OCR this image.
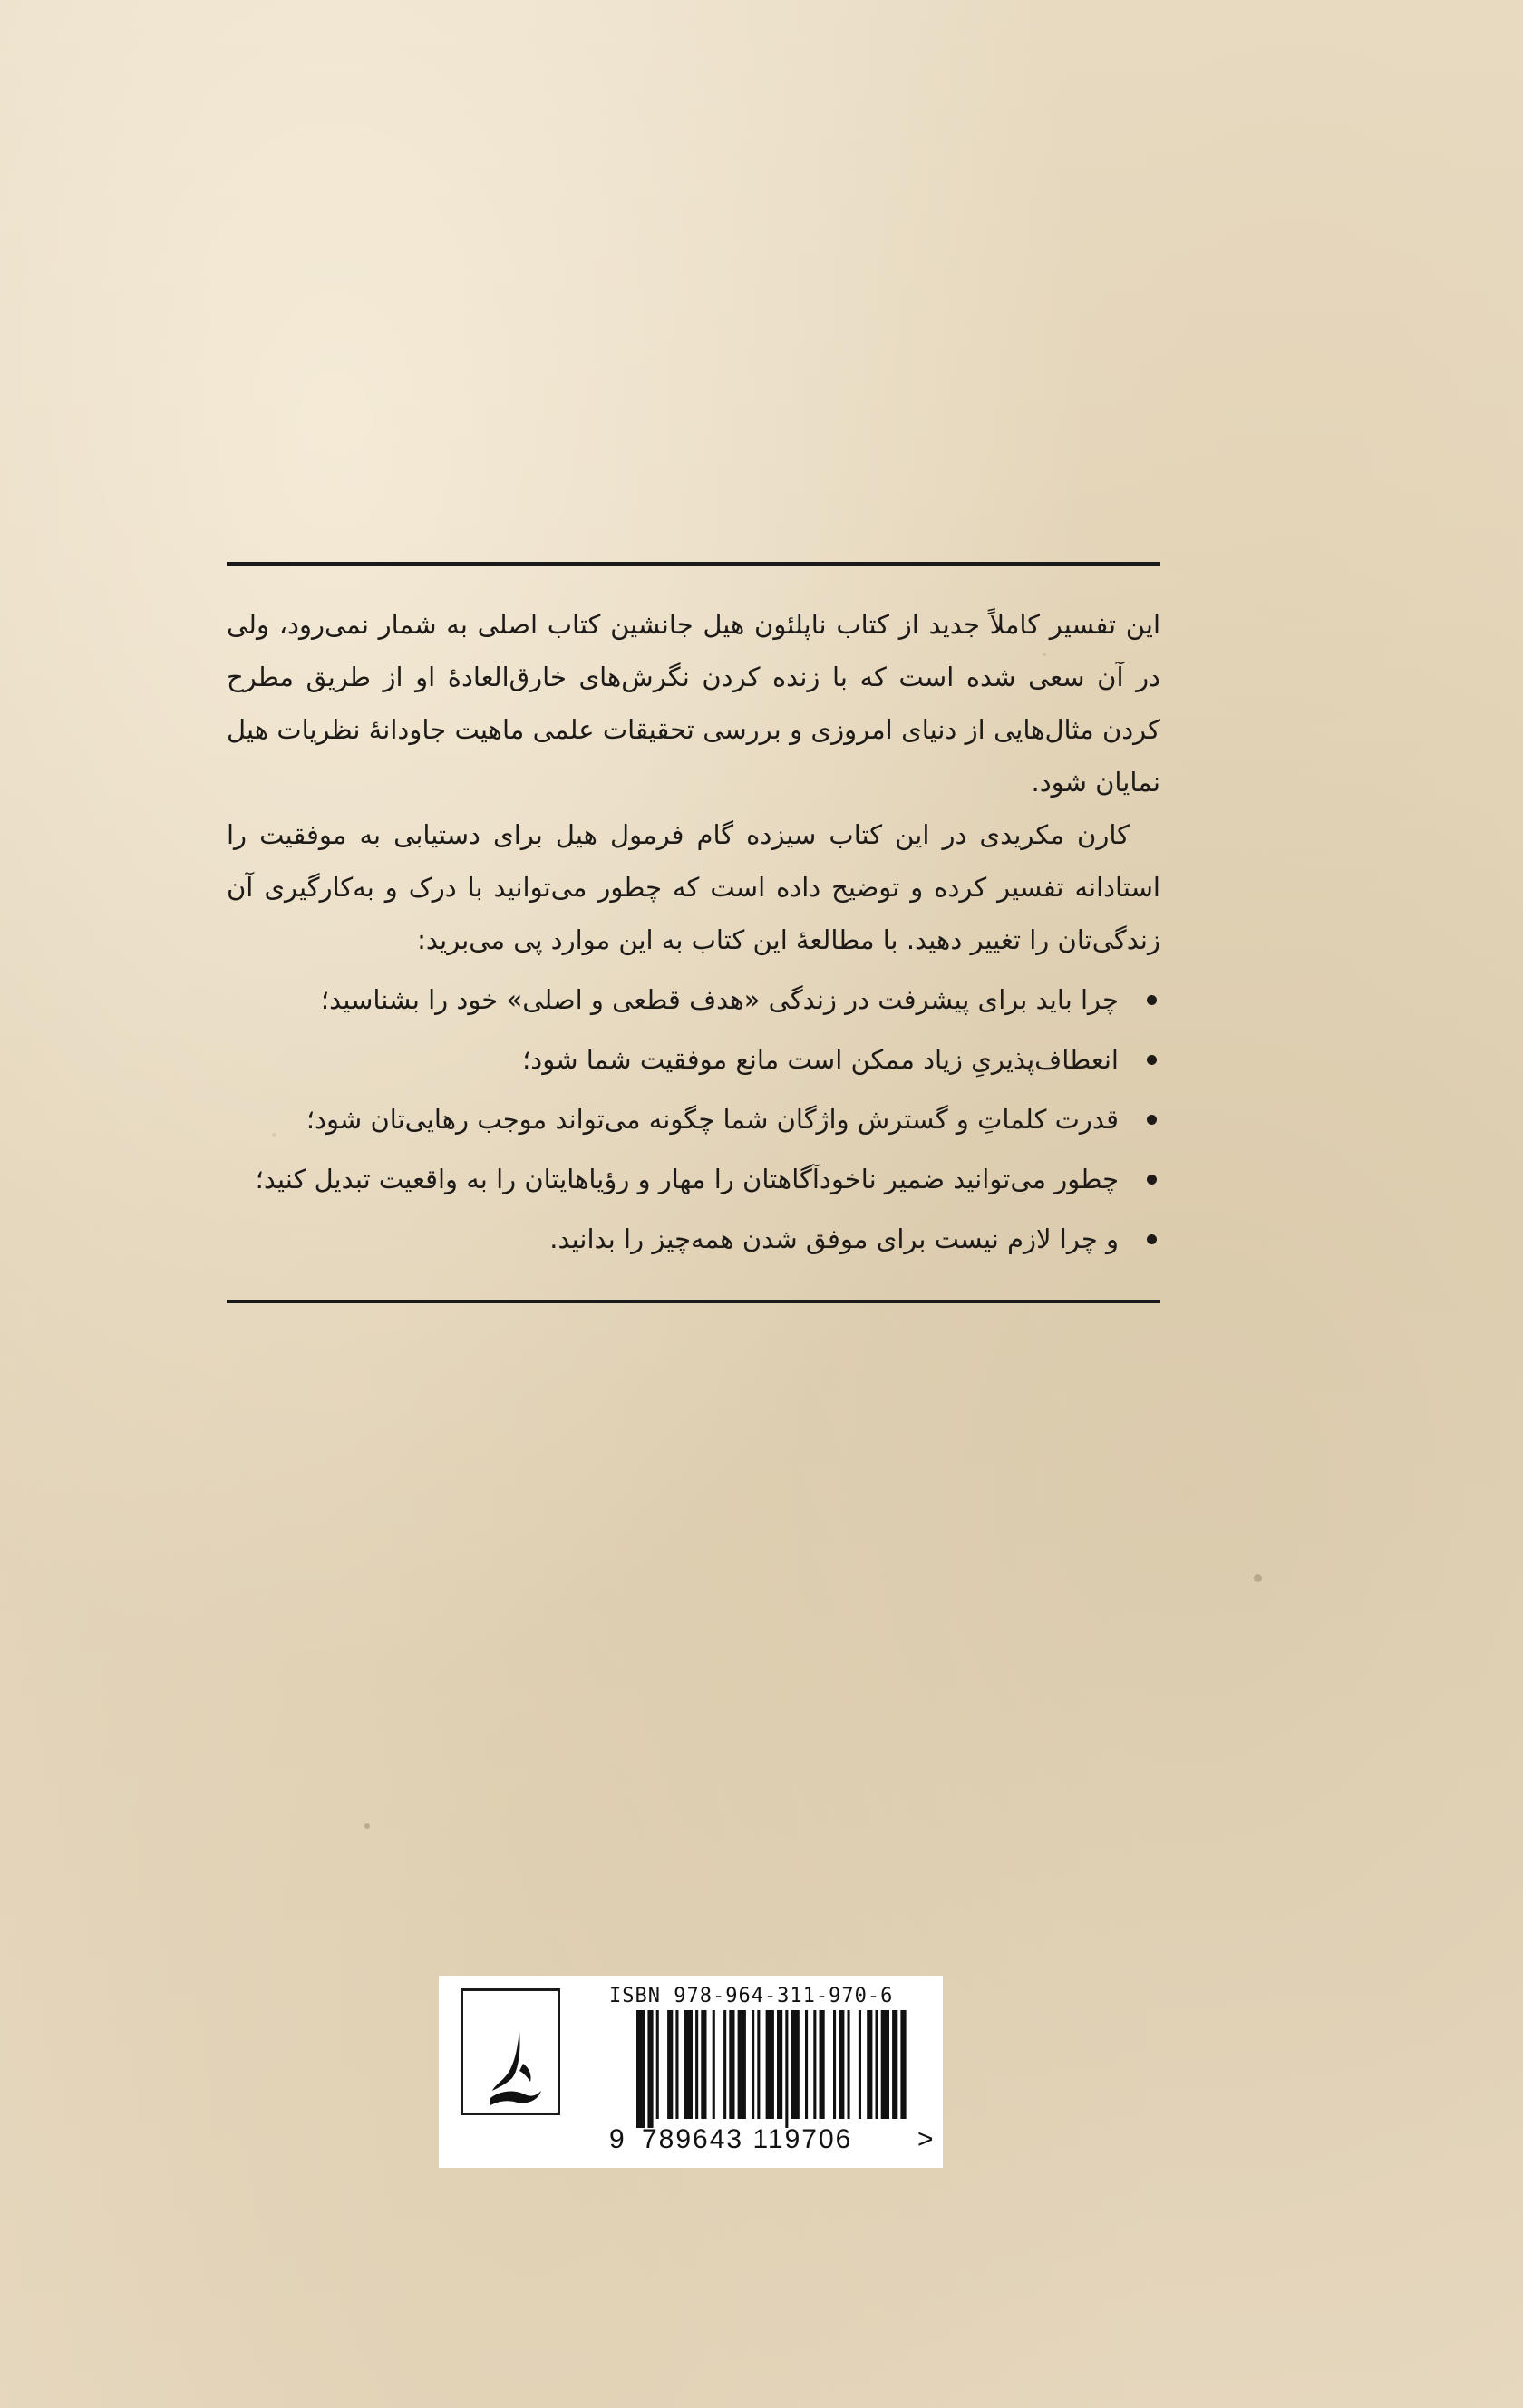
این تفسیر کاملاً جدید از کتاب ناپلئون هیل جانشین کتاب اصلی به شمار نمی‌رود، ولی در آن سعی شده است که با زنده کردن نگرش‌های خارق‌العادهٔ او از طریق مطرح کردن مثال‌هایی از دنیای امروزی و بررسی تحقیقات علمی ماهیت جاودانهٔ نظریات هیل نمایان شود.

کارن مکریدی در این کتاب سیزده گام فرمول هیل برای دستیابی به موفقیت را استادانه تفسیر کرده و توضیح داده است که چطور می‌توانید با درک و به‌کارگیری آن زندگی‌تان را تغییر دهید. با مطالعهٔ این کتاب به این موارد پی می‌برید:

چرا باید برای پیشرفت در زندگی «هدف قطعی و اصلی» خود را بشناسید؛
انعطاف‌پذیریِ زیاد ممکن است مانع موفقیت شما شود؛
قدرت کلماتِ و گسترش واژگان شما چگونه می‌تواند موجب رهایی‌تان شود؛
چطور می‌توانید ضمیر ناخودآگاهتان را مهار و رؤیاهایتان را به واقعیت تبدیل کنید؛
و چرا لازم نیست برای موفق شدن همه‌چیز را بدانید.
ISBN 978-964-311-970-6
9 789643 119706 >
